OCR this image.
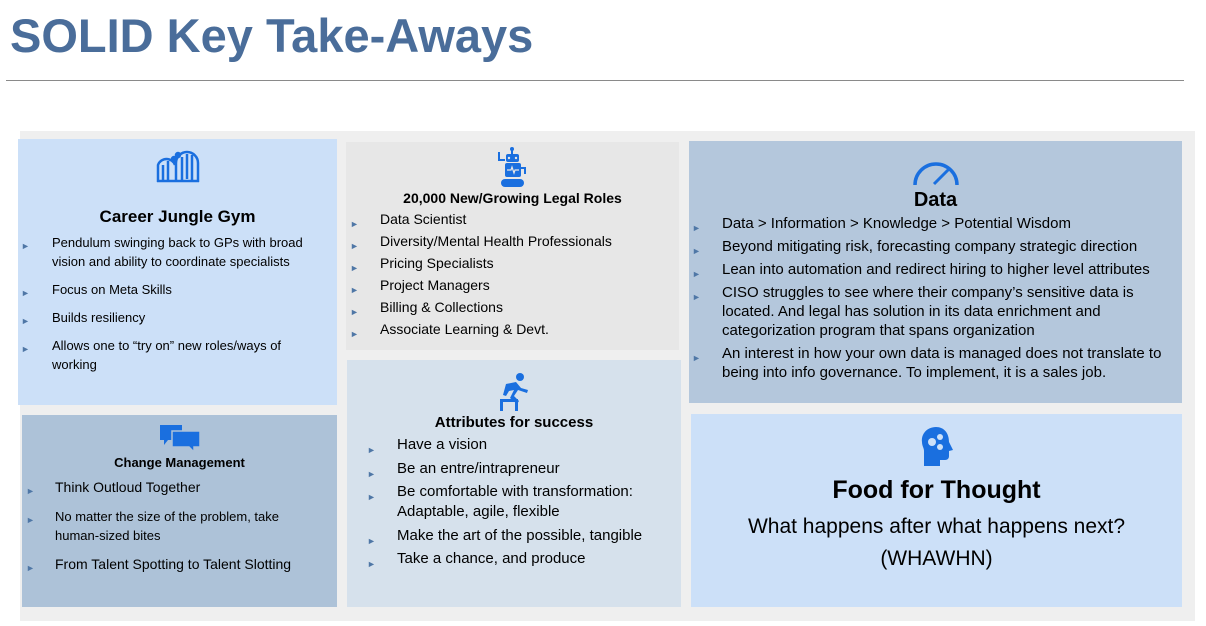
SOLID Key Take-Aways
Career Jungle Gym
► Pendulum swinging back to GPs with broad vision and ability to coordinate specialists
► Focus on Meta Skills
► Builds resiliency
► Allows one to “try on” new roles/ways of working
Change Management
► Think Outloud Together
► No matter the size of the problem, take human-sized bites
► From Talent Spotting to Talent Slotting
20,000 New/Growing Legal Roles
► Data Scientist
► Diversity/Mental Health Professionals
► Pricing Specialists
► Project Managers
► Billing & Collections
► Associate Learning & Devt.
Attributes for success
► Have a vision
► Be an entre/intrapreneur
► Be comfortable with transformation: Adaptable, agile, flexible
► Make the art of the possible, tangible
► Take a chance, and produce
Data
► Data > Information > Knowledge > Potential Wisdom
► Beyond mitigating risk, forecasting company strategic direction
► Lean into automation and redirect hiring to higher level attributes
► CISO struggles to see where their company’s sensitive data is located. And legal has solution in its data enrichment and categorization program that spans organization
► An interest in how your own data is managed does not translate to being into info governance. To implement, it is a sales job.
Food for Thought
What happens after what happens next?
(WHAWHN)
